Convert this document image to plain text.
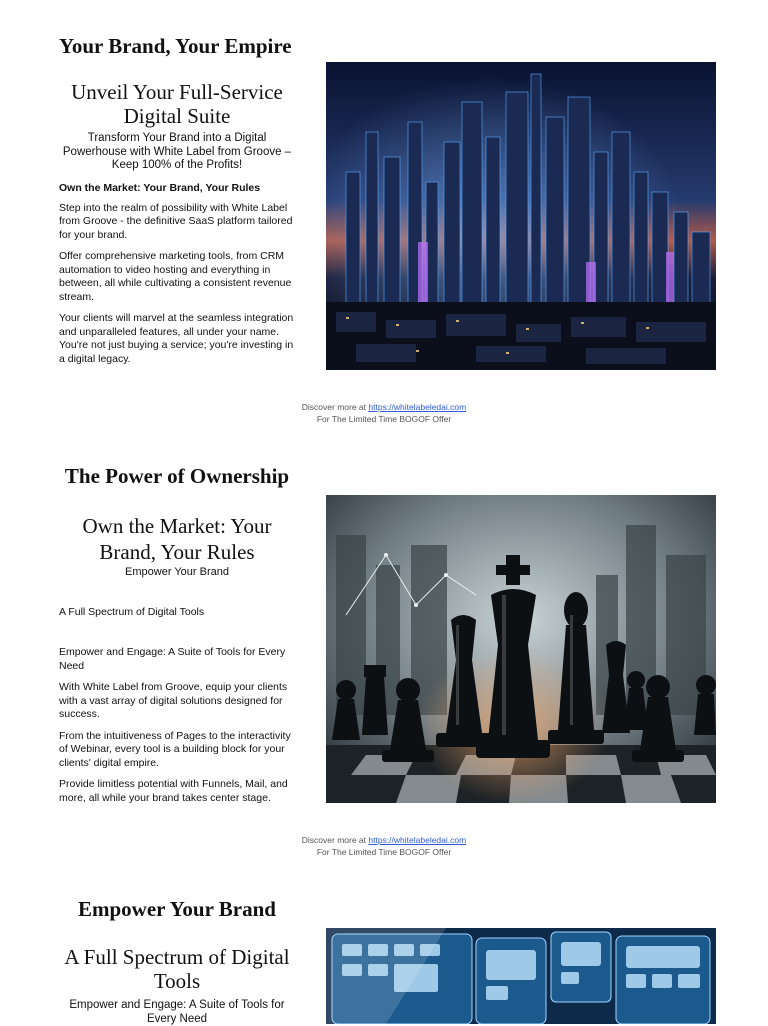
Your Brand, Your Empire
Unveil Your Full-Service Digital Suite
Transform Your Brand into a Digital Powerhouse with White Label from Groove – Keep 100% of the Profits!

Own the Market: Your Brand, Your Rules

Step into the realm of possibility with White Label from Groove - the definitive SaaS platform tailored for your brand.

Offer comprehensive marketing tools, from CRM automation to video hosting and everything in between, all while cultivating a consistent revenue stream.

Your clients will marvel at the seamless integration and unparalleled features, all under your name. You're not just buying a service; you're investing in a digital legacy.

Discover more at https://whitelabeledai.com
For The Limited Time BOGOF Offer
The Power of Ownership
Own the Market: Your Brand, Your Rules
Empower Your Brand
A Full Spectrum of Digital Tools

Empower and Engage: A Suite of Tools for Every Need

With White Label from Groove, equip your clients with a vast array of digital solutions designed for success.

From the intuitiveness of Pages to the interactivity of Webinar, every tool is a building block for your clients' digital empire.

Provide limitless potential with Funnels, Mail, and more, all while your brand takes center stage.

Discover more at https://whitelabeledai.com
For The Limited Time BOGOF Offer
Empower Your Brand
A Full Spectrum of Digital Tools
Empower and Engage: A Suite of Tools for Every Need
